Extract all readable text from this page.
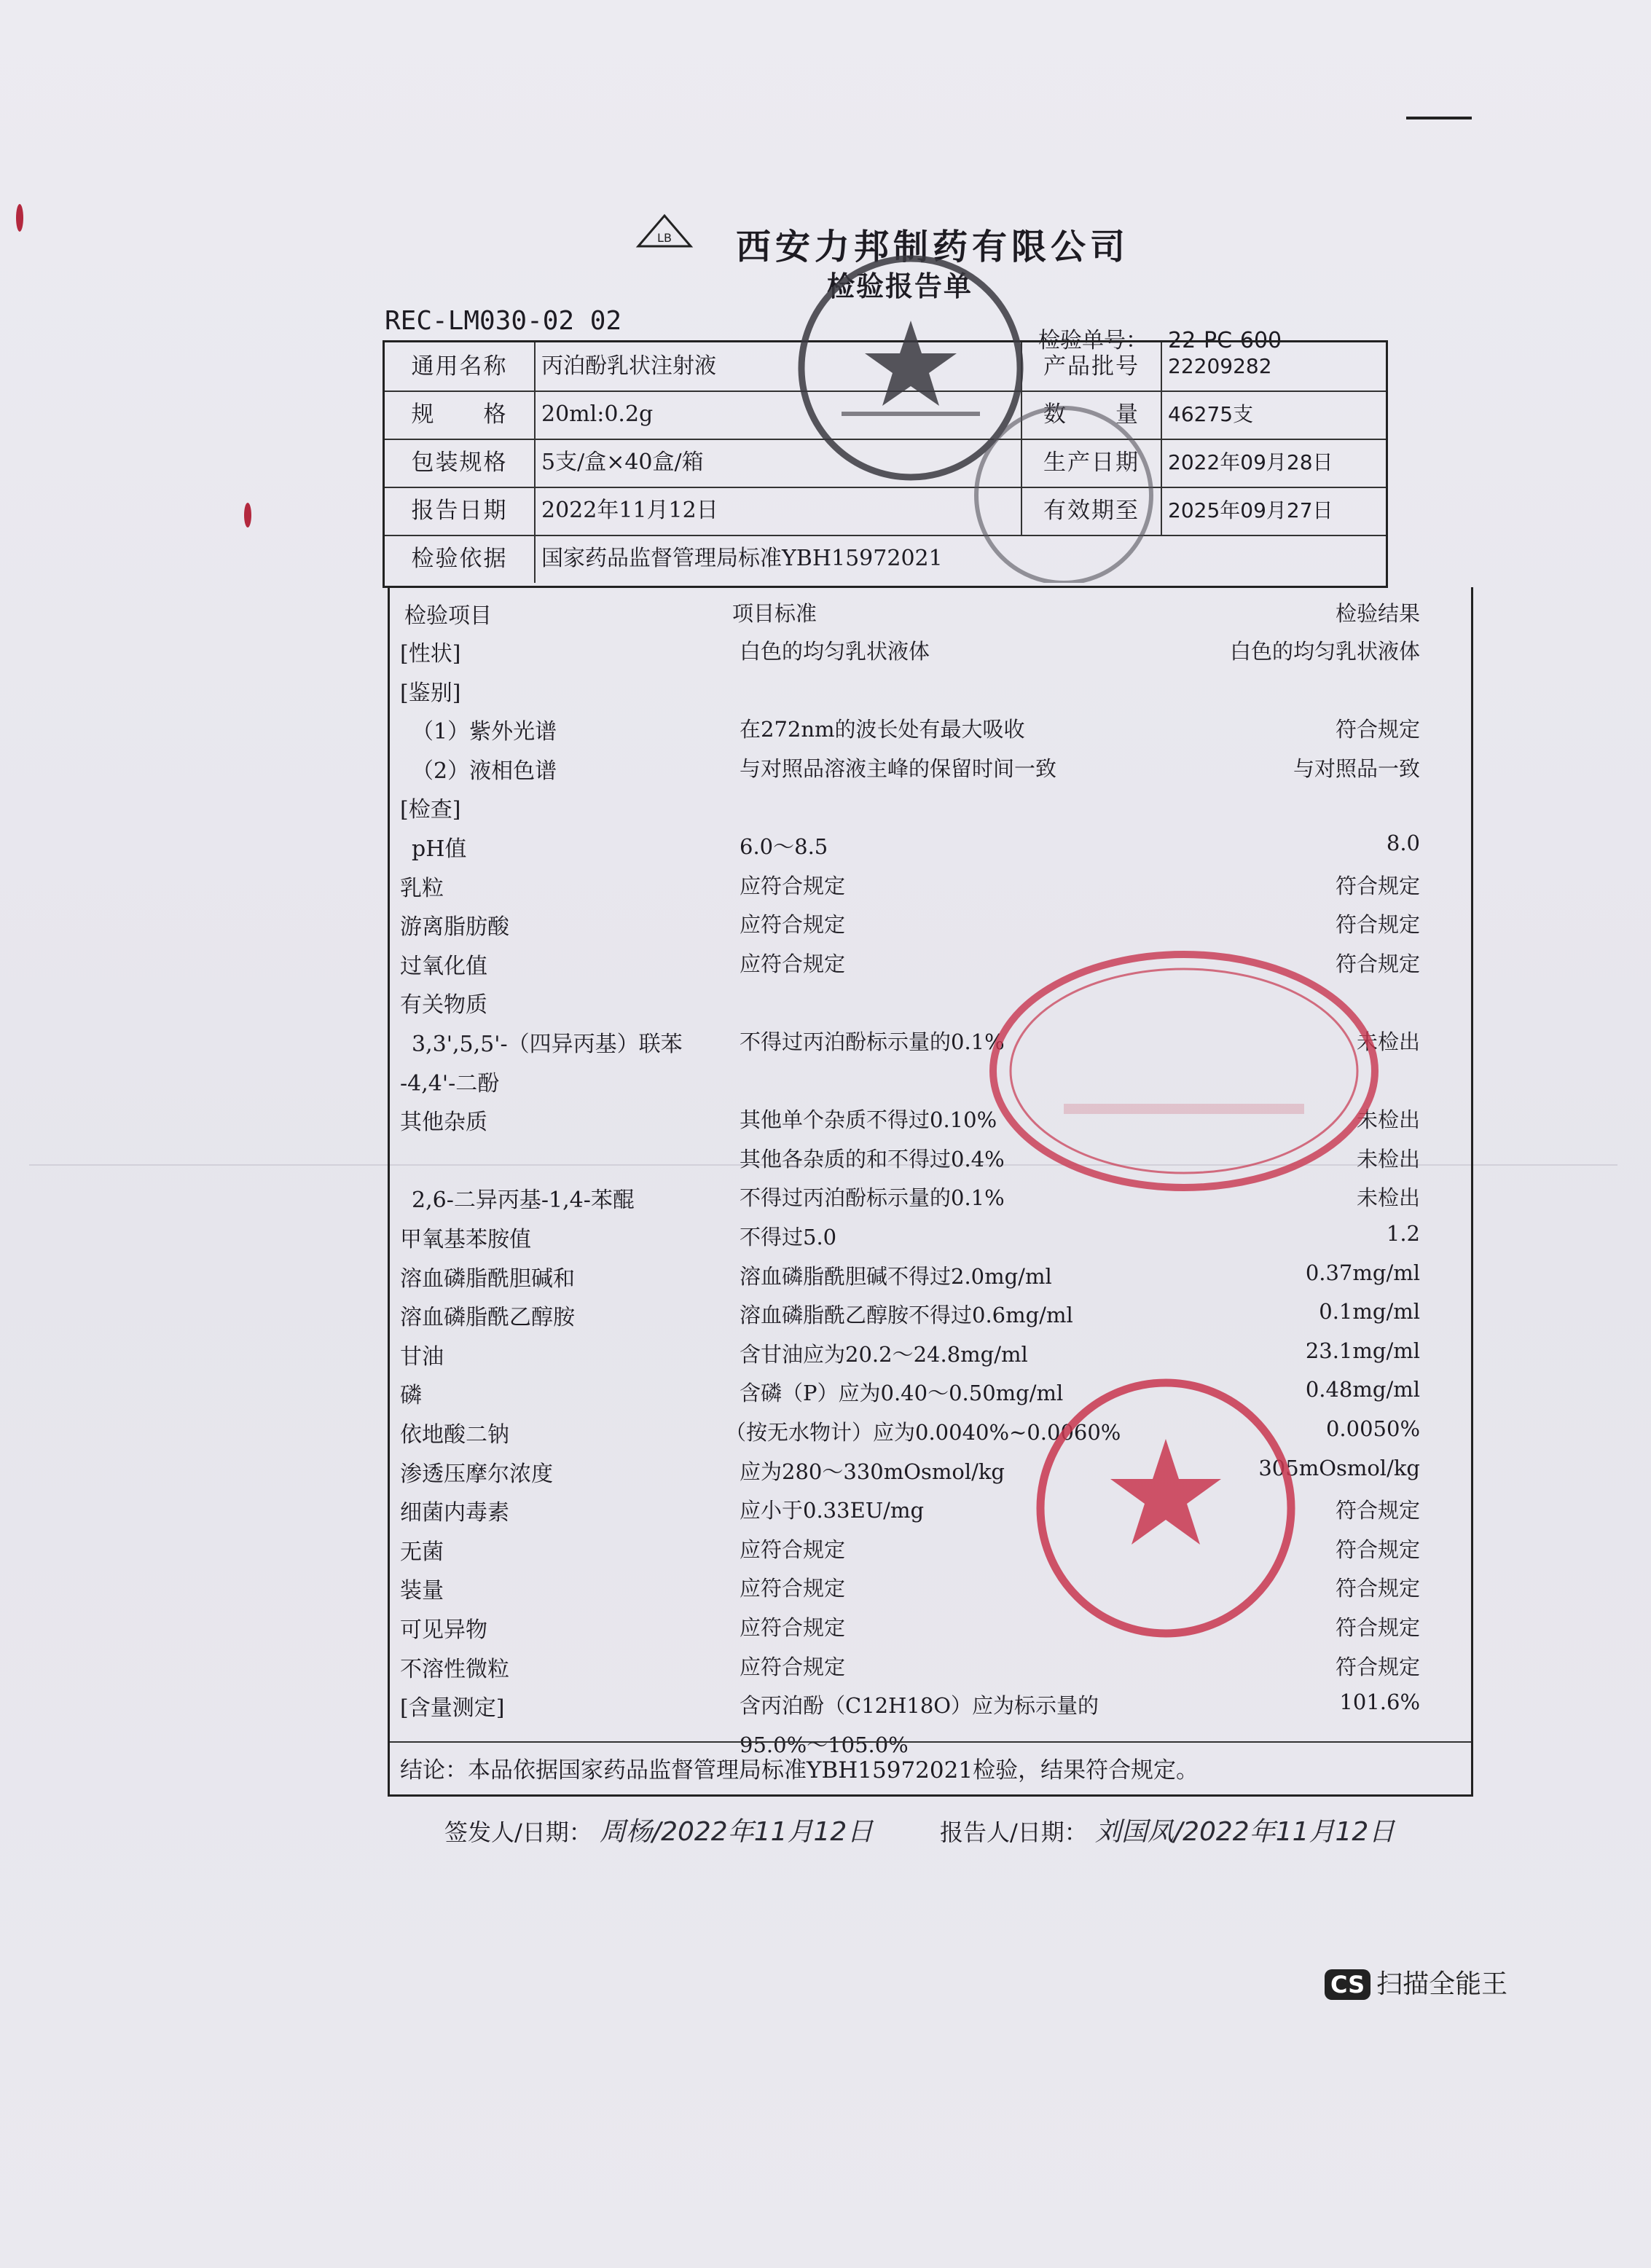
LB 西安力邦制药有限公司
检验报告单
REC-LM030-02 02
检验单号： 22-PC-600
通用名称	丙泊酚乳状注射液	产品批号	22209282
规　　格	20ml:0.2g	数　　量	46275支
包装规格	5支/盒×40盒/箱	生产日期	2022年09月28日
报告日期	2022年11月12日	有效期至	2025年09月27日
检验依据	国家药品监督管理局标准YBH15972021
检验项目	项目标准	检验结果
[性状]	白色的均匀乳状液体	白色的均匀乳状液体
[鉴别]
（1）紫外光谱	在272nm的波长处有最大吸收	符合规定
（2）液相色谱	与对照品溶液主峰的保留时间一致	与对照品一致
[检查]
pH值	6.0～8.5	8.0
乳粒	应符合规定	符合规定
游离脂肪酸	应符合规定	符合规定
过氧化值	应符合规定	符合规定
有关物质
3,3',5,5'-（四异丙基）联苯	不得过丙泊酚标示量的0.1%	未检出
-4,4'-二酚
其他杂质	其他单个杂质不得过0.10%	未检出
其他各杂质的和不得过0.4%	未检出
2,6-二异丙基-1,4-苯醌	不得过丙泊酚标示量的0.1%	未检出
甲氧基苯胺值	不得过5.0	1.2
溶血磷脂酰胆碱和	溶血磷脂酰胆碱不得过2.0mg/ml	0.37mg/ml
溶血磷脂酰乙醇胺	溶血磷脂酰乙醇胺不得过0.6mg/ml	0.1mg/ml
甘油	含甘油应为20.2～24.8mg/ml	23.1mg/ml
磷	含磷（P）应为0.40～0.50mg/ml	0.48mg/ml
依地酸二钠	（按无水物计）应为0.0040%~0.0060%	0.0050%
渗透压摩尔浓度	应为280～330mOsmol/kg	305mOsmol/kg
细菌内毒素	应小于0.33EU/mg	符合规定
无菌	应符合规定	符合规定
装量	应符合规定	符合规定
可见异物	应符合规定	符合规定
不溶性微粒	应符合规定	符合规定
[含量测定]	含丙泊酚（C12H18O）应为标示量的	101.6%
95.0%～105.0%
结论：本品依据国家药品监督管理局标准YBH15972021检验，结果符合规定。
签发人/日期： 周杨/2022年11月12日	报告人/日期： 刘国凤/2022年11月12日
CS 扫描全能王
